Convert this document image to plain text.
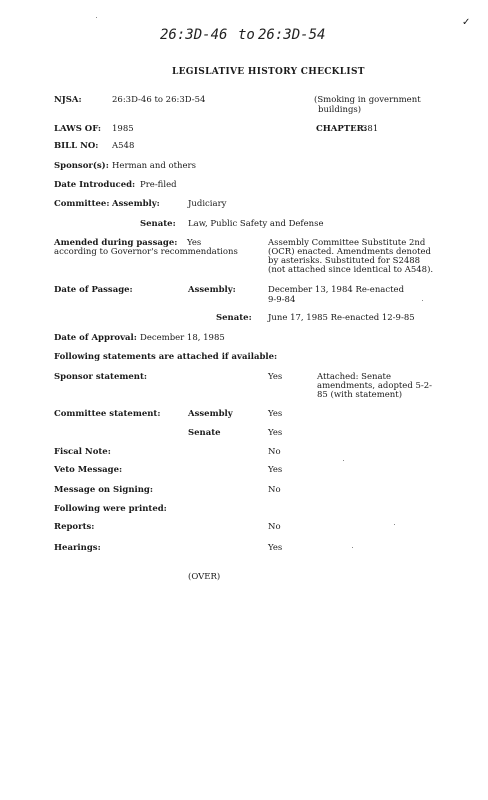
26:3D-46 to 26:3D-54
✓
LEGISLATIVE HISTORY CHECKLIST
NJSA:	26:3D-46 to 26:3D-54	(Smoking in government
buildings)
LAWS OF: 1985	CHAPTER:
381
BILL NO: A548
Sponsor(s): Herman and others
Date Introduced: Pre-filed
Committee: Assembly:	Judiciary
Senate: Law, Public Safety and Defense
Amended during passage: Yes
according to Governor's recommendations
Assembly Committee Substitute 2nd
(OCR) enacted. Amendments denoted
by asterisks. Substituted for S2488
(not attached since identical to A548).
Date of Passage:	Assembly:	December 13, 1984 Re-enacted
9-9-84
Senate: June 17, 1985 Re-enacted 12-9-85
Date of Approval: December 18, 1985
Following statements are attached if available:
Sponsor statement:	Yes	Attached: Senate
amendments, adopted 5-2-
85 (with statement)
Committee statement:	Assembly	Yes
Senate	Yes
Fiscal Note:	No
Veto Message:	Yes
Message on Signing:	No
Following were printed:
Reports:	No
Hearings:	Yes
(OVER)
